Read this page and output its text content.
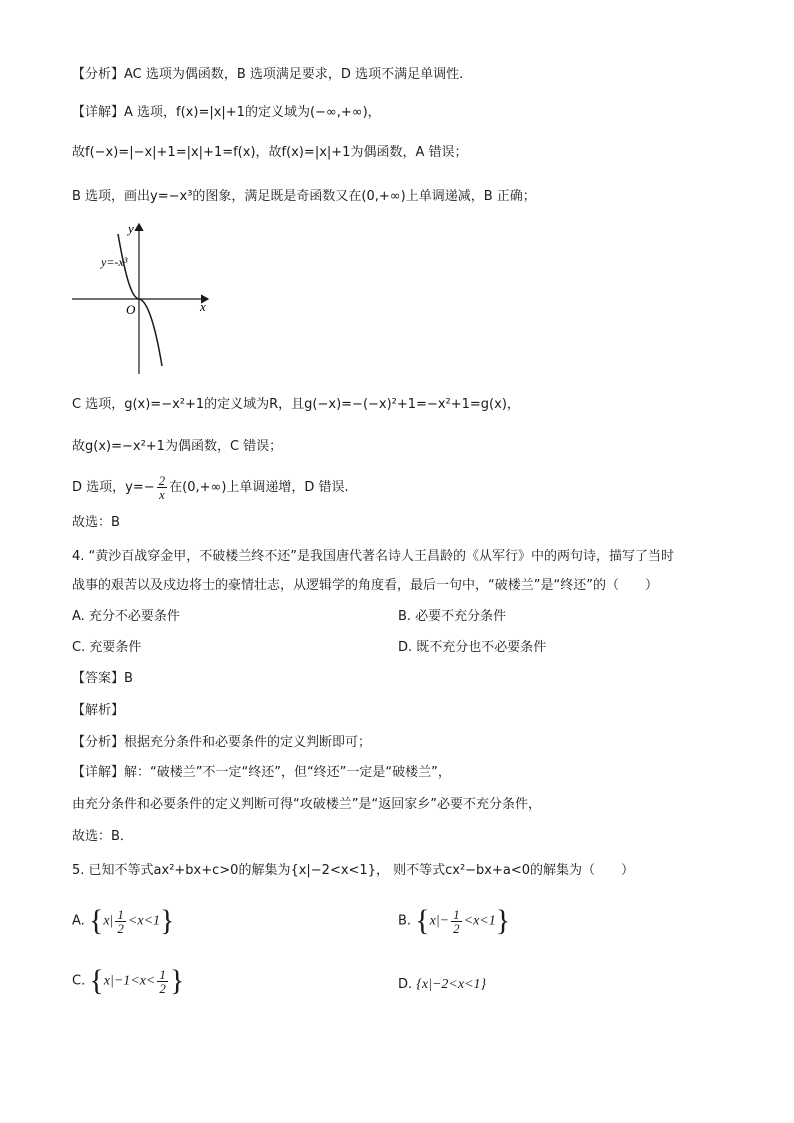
【分析】AC 选项为偶函数，B 选项满足要求，D 选项不满足单调性.
【详解】A 选项，f(x)=|x|+1的定义域为(−∞,+∞)，
故f(−x)=|−x|+1=|x|+1=f(x)，故f(x)=|x|+1为偶函数，A 错误；
B 选项，画出y=−x³的图象，满足既是奇函数又在(0,+∞)上单调递减，B 正确；
y
x
O
y=-x³
C 选项，g(x)=−x²+1的定义域为R，且g(−x)=−(−x)²+1=−x²+1=g(x)，
故g(x)=−x²+1为偶函数，C 错误；
D 选项，$y=- \frac{2}{x}$ 在(0,+∞)上单调递增，D 错误.
故选：B
4. “黄沙百战穿金甲，不破楼兰终不还”是我国唐代著名诗人王昌龄的《从军行》中的两句诗，描写了当时
战事的艰苦以及戍边将士的豪情壮志，从逻辑学的角度看，最后一句中，“破楼兰”是“终还”的（　　）
A. 充分不必要条件	B. 必要不充分条件
C. 充要条件	D. 既不充分也不必要条件
【答案】B
【解析】
【分析】根据充分条件和必要条件的定义判断即可；
【详解】解：“破楼兰”不一定“终还”，但“终还”一定是“破楼兰”，
由充分条件和必要条件的定义判断可得“攻破楼兰”是“返回家乡”必要不充分条件，
故选：B．
5. 已知不等式ax²+bx+c>0的解集为{x|−2<x<1}， 则不等式cx²−bx+a<0的解集为（　　）
A. $\{x| \frac{1}{2} <x<1\}$	B. $\{x|- \frac{1}{2} <x<1\}$
C. {$x|-1<x< \frac{1}{2}$ }	D. {x|−2<x<1}
